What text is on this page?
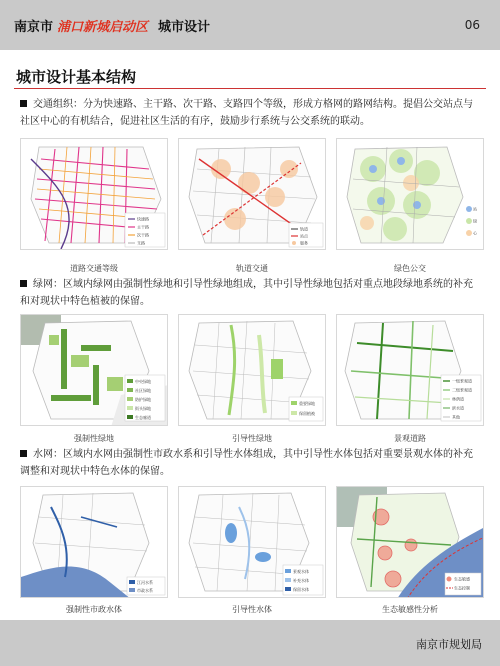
南京市 浦口新城启动区 城市设计	06
城市设计基本结构
交通组织：分为快速路、主干路、次干路、支路四个等级，形成方格网的路网结构。提倡公交站点与社区中心的有机结合，促进社区生活的有序，鼓励步行系统与公交系统的联动。
快速路
主干路
次干路
支路
道路交通等级
轨道
站点
服务
轨道交通
站
绿
心
绿色公交
绿网：区域内绿网由强制性绿地和引导性绿地组成，其中引导性绿地包括对重点地段绿地系统的补充和对现状中特色植被的保留。
中央绿地
社区绿地
防护绿地
街头绿地
生态廊道
强制性绿地
重要绿地
保留植被
引导性绿地
一级景观道
二级景观道
林荫道
滨水道
其他
景观道路
水网：区域内水网由强制性市政水系和引导性水体组成，其中引导性水体包括对重要景观水体的补充调整和对现状中特色水体的保留。
江河水系
市政水系
强制性市政水体
景观水体
补充水体
保留水体
引导性水体
生态敏感
生态控制
生态敏感性分析
南京市规划局
